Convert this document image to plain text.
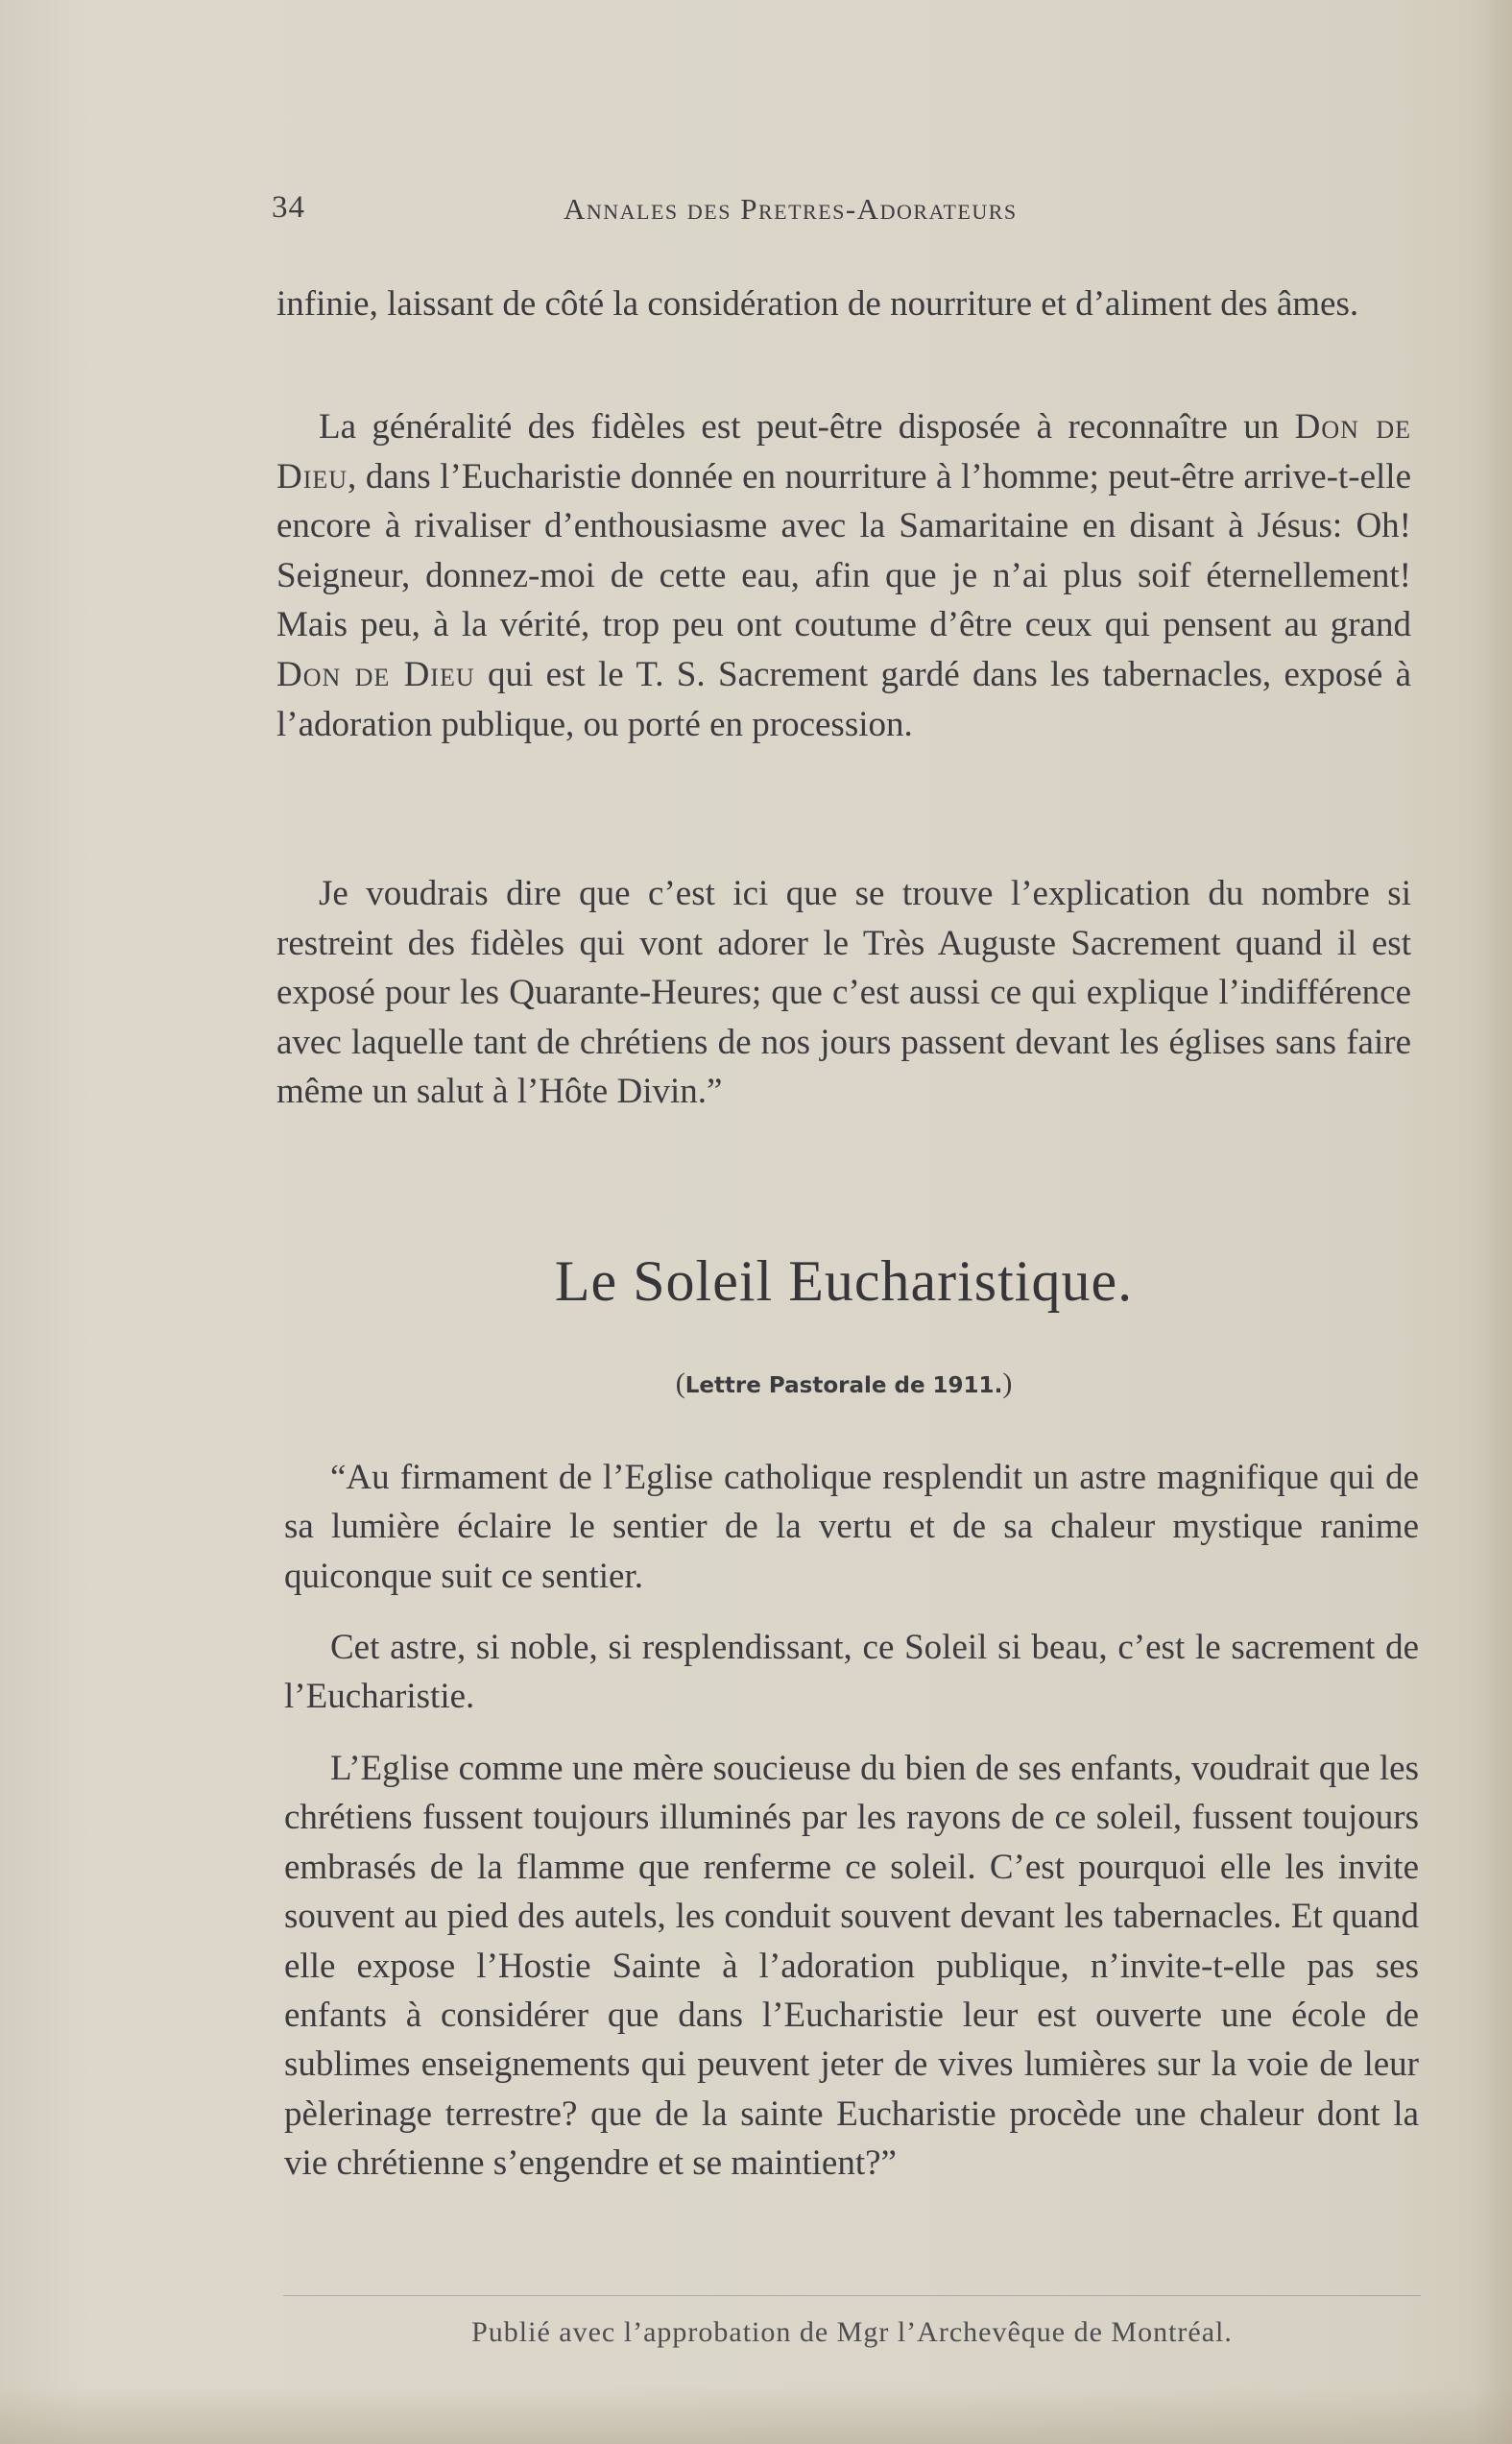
34	Annales des Pretres-Adorateurs

infinie, laissant de côté la considération de nourriture et d’aliment des âmes.

La généralité des fidèles est peut-être disposée à reconnaître un Don de Dieu, dans l’Eucharistie donnée en nourriture à l’homme; peut-être arrive-t-elle encore à rivaliser d’enthousiasme avec la Samaritaine en disant à Jésus: Oh! Seigneur, donnez-moi de cette eau, afin que je n’ai plus soif éternellement! Mais peu, à la vérité, trop peu ont coutume d’être ceux qui pensent au grand Don de Dieu qui est le T. S. Sacrement gardé dans les tabernacles, exposé à l’adoration publique, ou porté en procession.

Je voudrais dire que c’est ici que se trouve l’explication du nombre si restreint des fidèles qui vont adorer le Très Auguste Sacrement quand il est exposé pour les Quarante-Heures; que c’est aussi ce qui explique l’indifférence avec laquelle tant de chrétiens de nos jours passent devant les églises sans faire même un salut à l’Hôte Divin.”

Le Soleil Eucharistique.
(Lettre Pastorale de 1911.)

“Au firmament de l’Eglise catholique resplendit un astre magnifique qui de sa lumière éclaire le sentier de la vertu et de sa chaleur mystique ranime quiconque suit ce sentier.

Cet astre, si noble, si resplendissant, ce Soleil si beau, c’est le sacrement de l’Eucharistie.

L’Eglise comme une mère soucieuse du bien de ses enfants, voudrait que les chrétiens fussent toujours illuminés par les rayons de ce soleil, fussent toujours embrasés de la flamme que renferme ce soleil. C’est pourquoi elle les invite souvent au pied des autels, les conduit souvent devant les tabernacles. Et quand elle expose l’Hostie Sainte à l’adoration publique, n’invite-t-elle pas ses enfants à considérer que dans l’Eucharistie leur est ouverte une école de sublimes enseignements qui peuvent jeter de vives lumières sur la voie de leur pèlerinage terrestre? que de la sainte Eucharistie procède une chaleur dont la vie chrétienne s’engendre et se maintient?”

Publié avec l’approbation de Mgr l’Archevêque de Montréal.
